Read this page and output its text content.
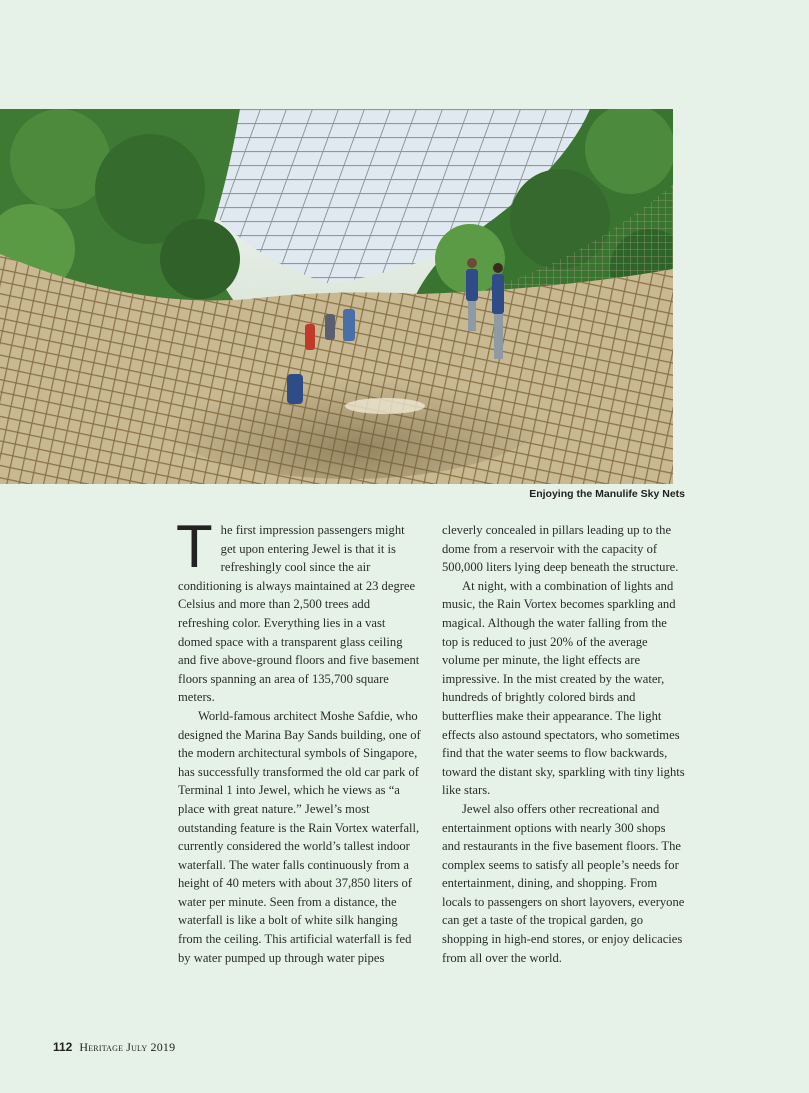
Enjoying the Manulife Sky Nets

The first impression passengers might get upon entering Jewel is that it is refreshingly cool since the air conditioning is always maintained at 23 degree Celsius and more than 2,500 trees add refreshing color. Everything lies in a vast domed space with a transparent glass ceiling and five above-ground floors and five basement floors spanning an area of 135,700 square meters.

World-famous architect Moshe Safdie, who designed the Marina Bay Sands building, one of the modern architectural symbols of Singapore, has successfully transformed the old car park of Terminal 1 into Jewel, which he views as “a place with great nature.” Jewel’s most outstanding feature is the Rain Vortex waterfall, currently considered the world’s tallest indoor waterfall. The water falls continuously from a height of 40 meters with about 37,850 liters of water per minute. Seen from a distance, the waterfall is like a bolt of white silk hanging from the ceiling. This artificial waterfall is fed by water pumped up through water pipes

cleverly concealed in pillars leading up to the dome from a reservoir with the capacity of 500,000 liters lying deep beneath the structure.

At night, with a combination of lights and music, the Rain Vortex becomes sparkling and magical. Although the water falling from the top is reduced to just 20% of the average volume per minute, the light effects are impressive. In the mist created by the water, hundreds of brightly colored birds and butterflies make their appearance. The light effects also astound spectators, who sometimes find that the water seems to flow backwards, toward the distant sky, sparkling with tiny lights like stars.

Jewel also offers other recreational and entertainment options with nearly 300 shops and restaurants in the five basement floors. The complex seems to satisfy all people’s needs for entertainment, dining, and shopping. From locals to passengers on short layovers, everyone can get a taste of the tropical garden, go shopping in high-end stores, or enjoy delicacies from all over the world.

112 Heritage July 2019
